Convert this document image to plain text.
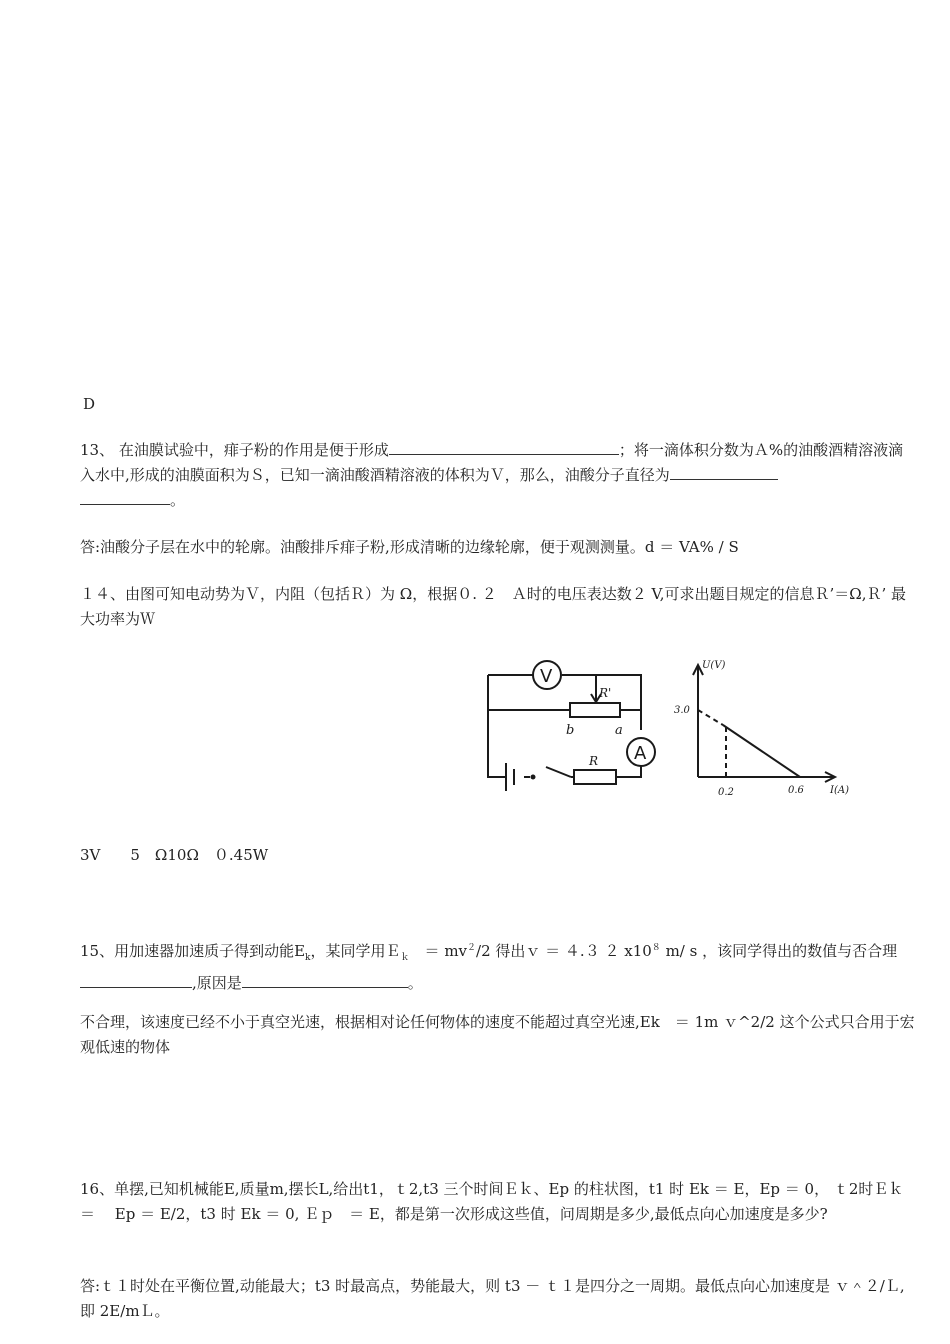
D

13、 在油膜试验中，痱子粉的作用是便于形成	；将一滴体积分数为Ａ%的油酸酒精溶液滴入水中,形成的油膜面积为Ｓ，已知一滴油酸酒精溶液的体积为Ｖ，那么，油酸分子直径为
。

答:油酸分子层在水中的轮廓。油酸排斥痱子粉,形成清晰的边缘轮廓，便于观测测量。d ＝ VA% / S

１４、由图可知电动势为Ｖ，内阻（包括Ｒ）为 Ω，根据０. ２　Ａ时的电压表达数２ V,可求出题目规定的信息Ｒ’＝Ω,Ｒ’ 最大功率为Ｗ

V
A
R'
R
b	a
U(V)
I(A)
3.0
0.2	0.6

3V　　5　Ω10Ω　０.45W

15、用加速器加速质子得到动能$E_k$，某同学用Ｅ$_k$　＝ $mv^2/2$ 得出ｖ ＝ ４.３ ２ $x10^8$ m/ s ，该同学得出的数值与否合理,原因是	。

不合理，该速度已经不小于真空光速，根据相对论任何物体的速度不能超过真空光速,Ek　＝ 1m ｖ^2/2 这个公式只合用于宏观低速的物体

16、单摆,已知机械能E,质量m,摆长L,给出t1，ｔ2,t3 三个时间Ｅｋ、Ep 的柱状图，t1 时 Ek ＝ E，Ep ＝ 0， ｔ2时Ｅｋ　＝　 Ep ＝ E/2，t3 时 Ek ＝ 0, Ｅｐ　＝ E，都是第一次形成这些值，问周期是多少,最低点向心加速度是多少?

答:ｔ１时处在平衡位置,动能最大；t3 时最高点，势能最大，则 t3 － ｔ１是四分之一周期。最低点向心加速度是 ｖ＾２/Ｌ,即 2E/mＬ。
